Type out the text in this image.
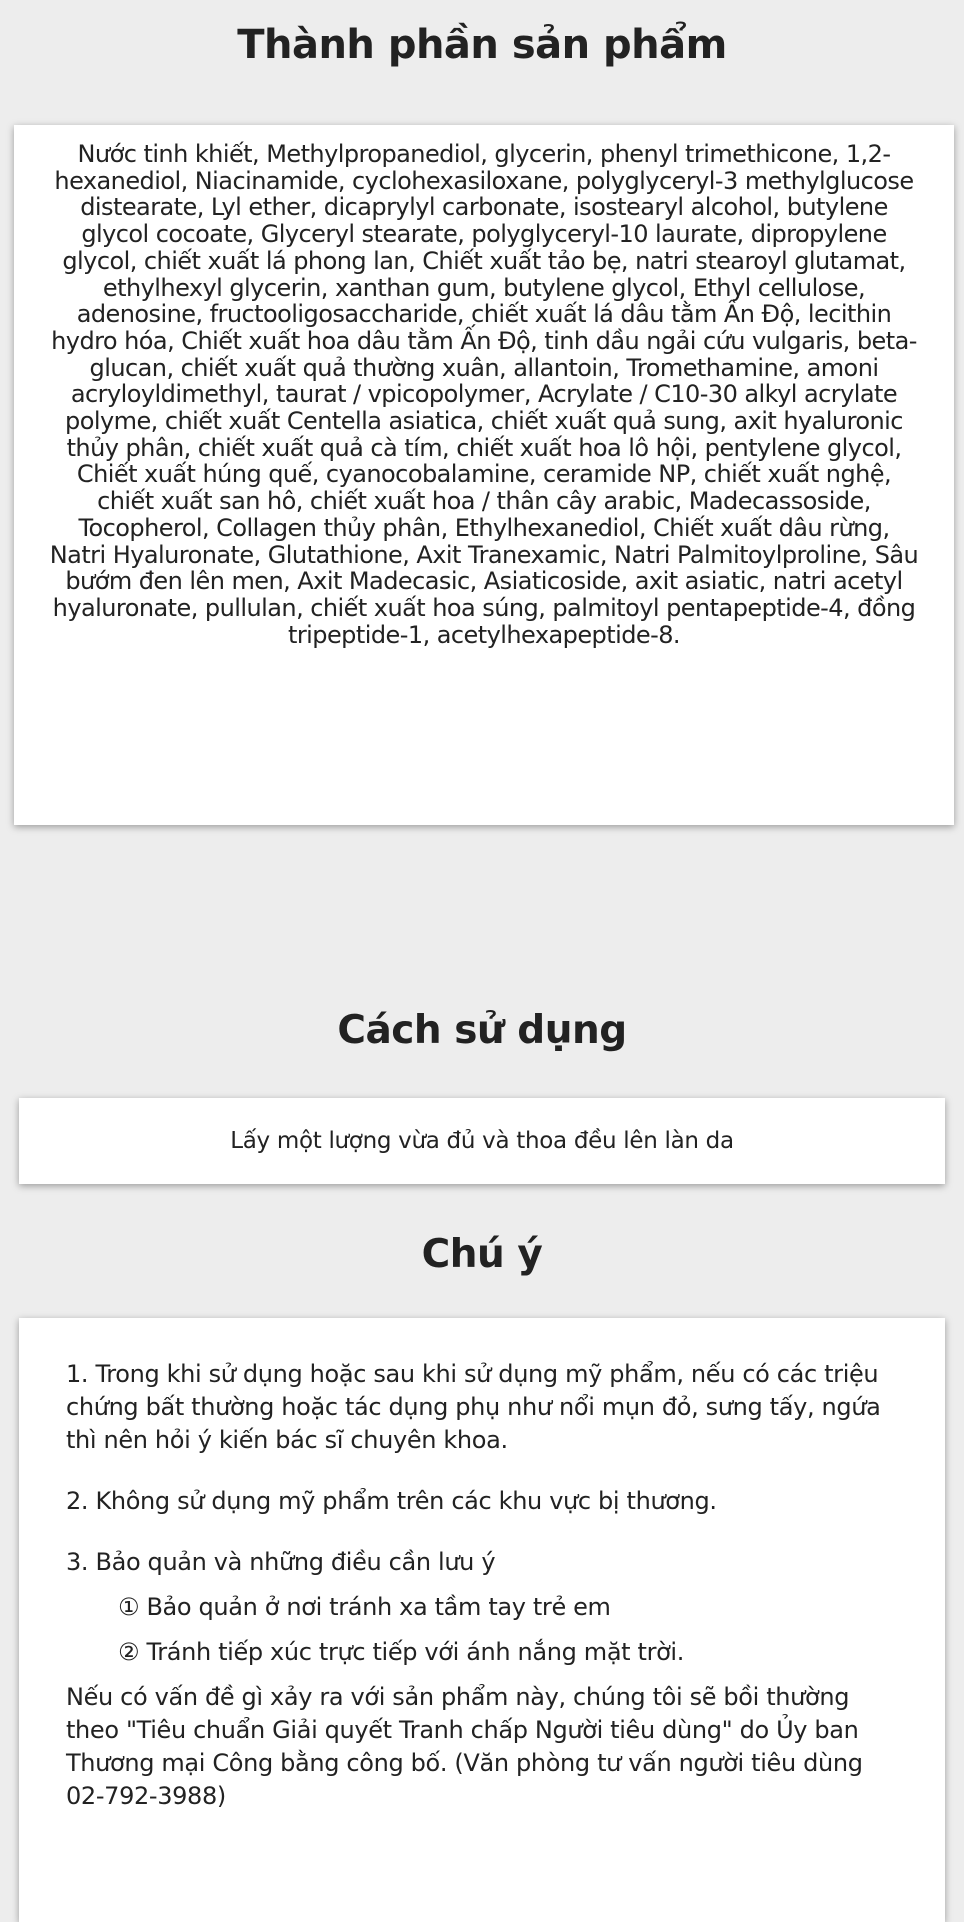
Thành phần sản phẩm

Nước tinh khiết, Methylpropanediol, glycerin, phenyl trimethicone, 1,2-hexanediol, Niacinamide, cyclohexasiloxane, polyglyceryl-3 methylglucose distearate, Lyl ether, dicaprylyl carbonate, isostearyl alcohol, butylene glycol cocoate, Glyceryl stearate, polyglyceryl-10 laurate, dipropylene glycol, chiết xuất lá phong lan, Chiết xuất tảo bẹ, natri stearoyl glutamat, ethylhexyl glycerin, xanthan gum, butylene glycol, Ethyl cellulose, adenosine, fructooligosaccharide, chiết xuất lá dâu tằm Ấn Độ, lecithin hydro hóa, Chiết xuất hoa dâu tằm Ấn Độ, tinh dầu ngải cứu vulgaris, beta-glucan, chiết xuất quả thường xuân, allantoin, Tromethamine, amoni acryloyldimethyl, taurat / vpicopolymer, Acrylate / C10-30 alkyl acrylate polyme, chiết xuất Centella asiatica, chiết xuất quả sung, axit hyaluronic thủy phân, chiết xuất quả cà tím, chiết xuất hoa lô hội, pentylene glycol, Chiết xuất húng quế, cyanocobalamine, ceramide NP, chiết xuất nghệ, chiết xuất san hô, chiết xuất hoa / thân cây arabic, Madecassoside, Tocopherol, Collagen thủy phân, Ethylhexanediol, Chiết xuất dâu rừng, Natri Hyaluronate, Glutathione, Axit Tranexamic, Natri Palmitoylproline, Sâu bướm đen lên men, Axit Madecasic, Asiaticoside, axit asiatic, natri acetyl hyaluronate, pullulan, chiết xuất hoa súng, palmitoyl pentapeptide-4, đồng tripeptide-1, acetylhexapeptide-8.

Cách sử dụng
Lấy một lượng vừa đủ và thoa đều lên làn da
Chú ý

1. Trong khi sử dụng hoặc sau khi sử dụng mỹ phẩm, nếu có các triệu chứng bất thường hoặc tác dụng phụ như nổi mụn đỏ, sưng tấy, ngứa thì nên hỏi ý kiến bác sĩ chuyên khoa.

2. Không sử dụng mỹ phẩm trên các khu vực bị thương.

3. Bảo quản và những điều cần lưu ý

① Bảo quản ở nơi tránh xa tầm tay trẻ em

② Tránh tiếp xúc trực tiếp với ánh nắng mặt trời.

Nếu có vấn đề gì xảy ra với sản phẩm này, chúng tôi sẽ bồi thường theo "Tiêu chuẩn Giải quyết Tranh chấp Người tiêu dùng" do Ủy ban Thương mại Công bằng công bố. (Văn phòng tư vấn người tiêu dùng 02-792-3988)
